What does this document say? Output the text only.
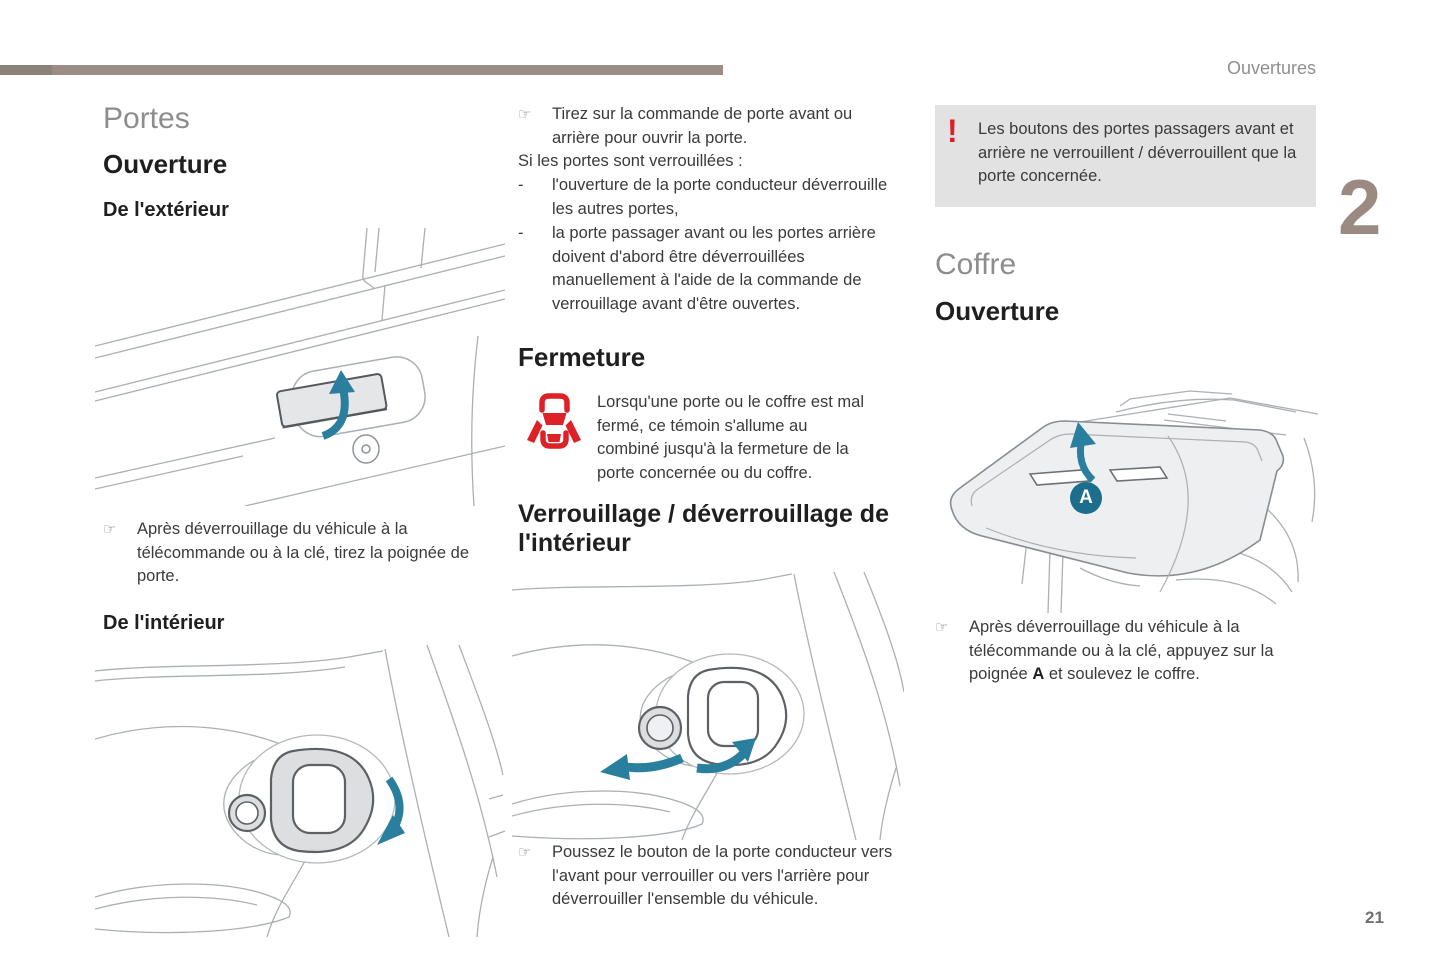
Ouvertures
2
21
Portes
Ouverture
De l'extérieur
☞	Après déverrouillage du véhicule à la télécommande ou à la clé, tirez la poignée de porte.
De l'intérieur
☞	Tirez sur la commande de porte avant ou arrière pour ouvrir la porte.
Si les portes sont verrouillées :
-	l'ouverture de la porte conducteur déverrouille les autres portes,
-	la porte passager avant ou les portes arrière doivent d'abord être déverrouillées manuellement à l'aide de la commande de verrouillage avant d'être ouvertes.
Fermeture
Lorsqu'une porte ou le coffre est mal fermé, ce témoin s'allume au combiné jusqu'à la fermeture de la porte concernée ou du coffre.
Verrouillage / déverrouillage de l'intérieur
☞	Poussez le bouton de la porte conducteur vers l'avant pour verrouiller ou vers l'arrière pour déverrouiller l'ensemble du véhicule.
!	Les boutons des portes passagers avant et arrière ne verrouillent / déverrouillent que la porte concernée.
Coffre
Ouverture
A
☞	Après déverrouillage du véhicule à la télécommande ou à la clé, appuyez sur la poignée A et soulevez le coffre.
